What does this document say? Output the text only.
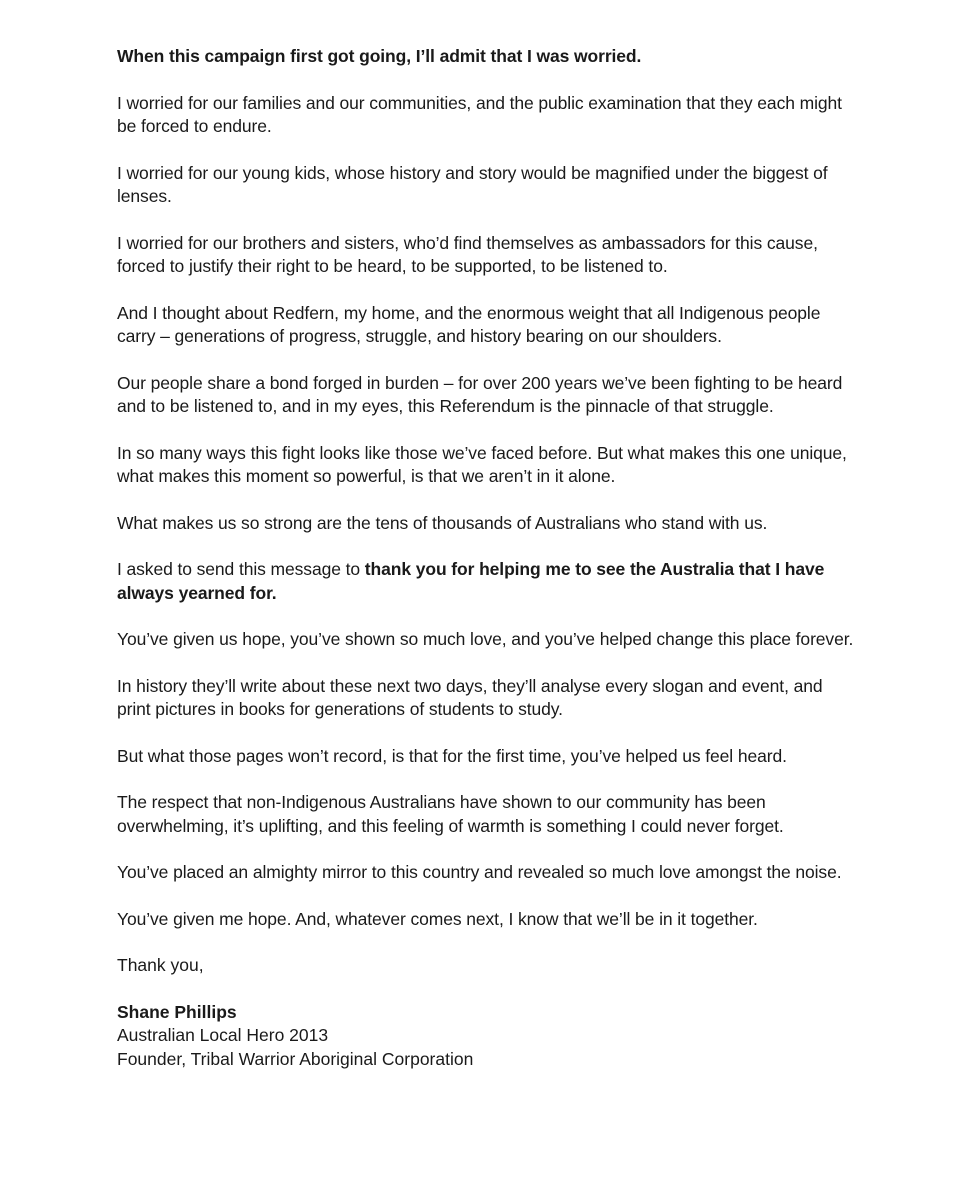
When this campaign first got going, I’ll admit that I was worried.

I worried for our families and our communities, and the public examination that they each might be forced to endure.

I worried for our young kids, whose history and story would be magnified under the biggest of lenses.

I worried for our brothers and sisters, who’d find themselves as ambassadors for this cause, forced to justify their right to be heard, to be supported, to be listened to.

And I thought about Redfern, my home, and the enormous weight that all Indigenous people carry – generations of progress, struggle, and history bearing on our shoulders.

Our people share a bond forged in burden – for over 200 years we’ve been fighting to be heard and to be listened to, and in my eyes, this Referendum is the pinnacle of that struggle.

In so many ways this fight looks like those we’ve faced before. But what makes this one unique, what makes this moment so powerful, is that we aren’t in it alone.

What makes us so strong are the tens of thousands of Australians who stand with us.

I asked to send this message to thank you for helping me to see the Australia that I have always yearned for.

You’ve given us hope, you’ve shown so much love, and you’ve helped change this place forever.

In history they’ll write about these next two days, they’ll analyse every slogan and event, and print pictures in books for generations of students to study.

But what those pages won’t record, is that for the first time, you’ve helped us feel heard.

The respect that non-Indigenous Australians have shown to our community has been overwhelming, it’s uplifting, and this feeling of warmth is something I could never forget.

You’ve placed an almighty mirror to this country and revealed so much love amongst the noise.

You’ve given me hope. And, whatever comes next, I know that we’ll be in it together.

Thank you,

Shane Phillips
Australian Local Hero 2013
Founder, Tribal Warrior Aboriginal Corporation
